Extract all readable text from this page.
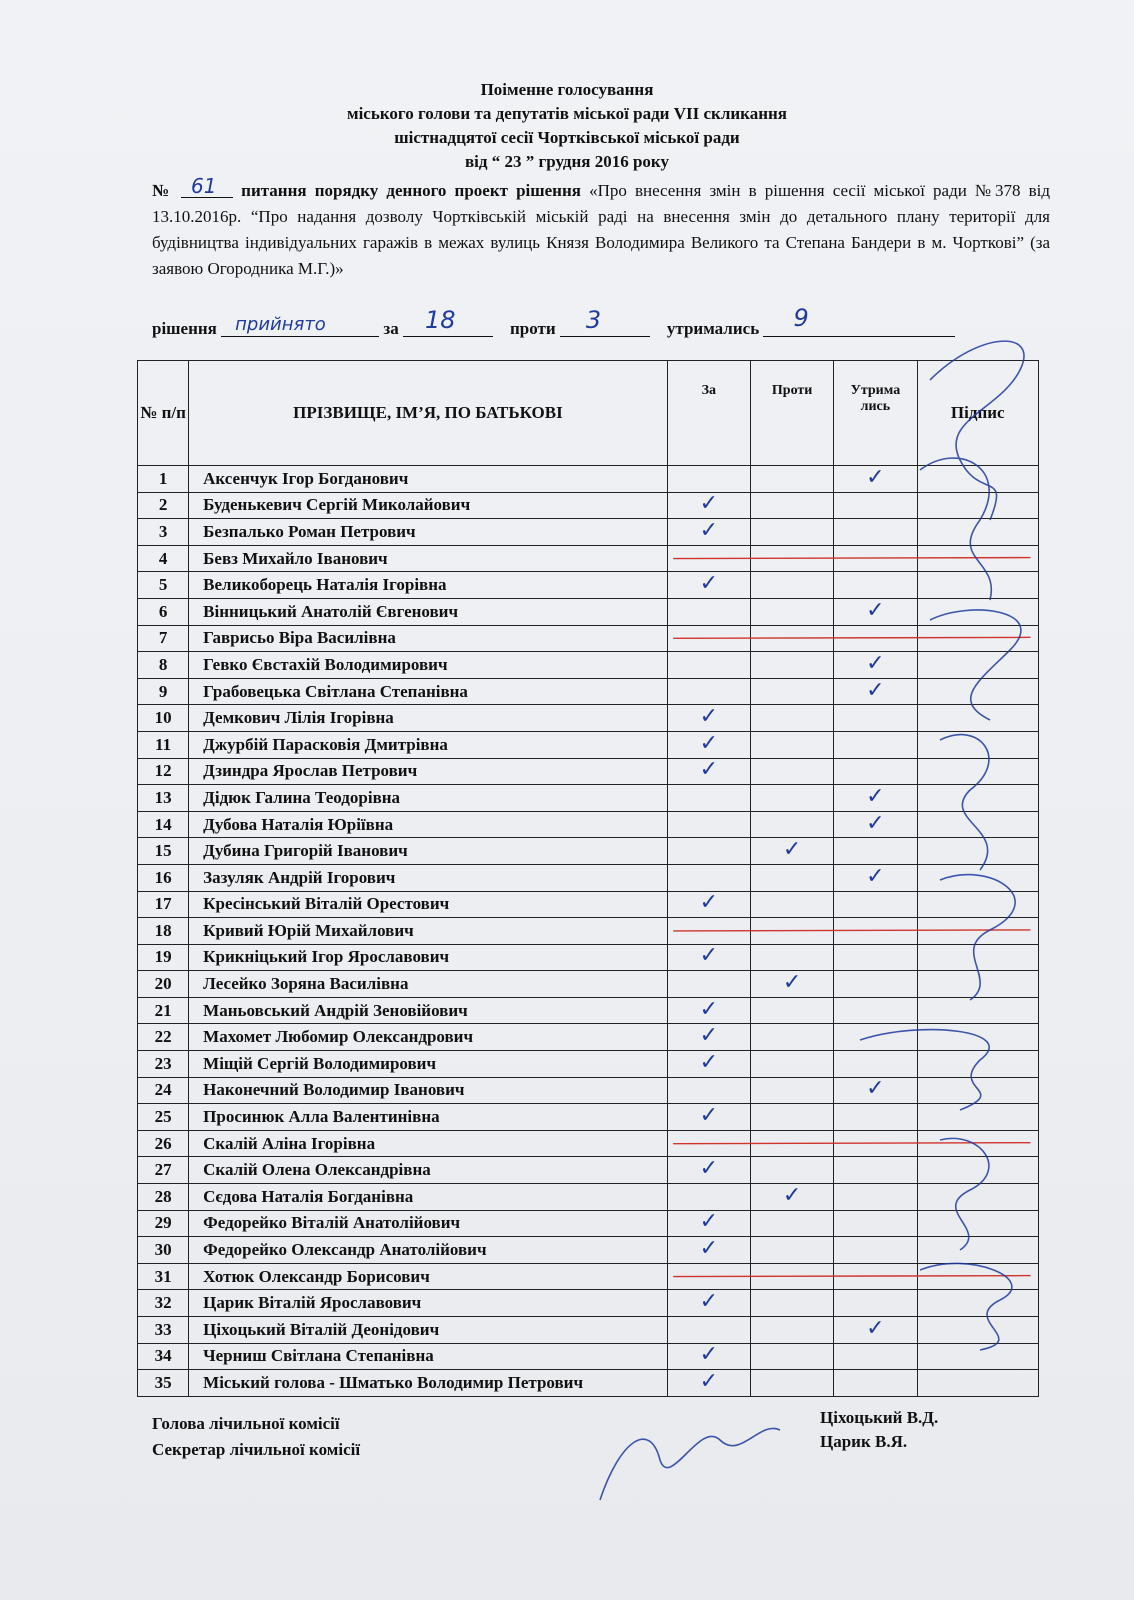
Поіменне голосування
міського голови та депутатів міської ради VII скликання
шістнадцятої сесії Чортківської міської ради
від “ 23 ” грудня 2016 року
№ 61 питання порядку денного проект рішення «Про внесення змін в рішення сесії міської ради №378 від 13.10.2016р. “Про надання дозволу Чортківській міській раді на внесення змін до детального плану території для будівництва індивідуальних гаражів в межах вулиць Князя Володимира Великого та Степана Бандери в м. Чорткові” (за заявою Огородника М.Г.)»
рішення прийнято	за 18	проти 3	утримались 9
№ п/п	ПРІЗВИЩЕ, ІМ’Я, ПО БАТЬКОВІ	За	Проти	Утрима лись	Підпис
1	Аксенчук Ігор Богданович			✓	
2	Буденькевич Сергій Миколайович	✓			
3	Безпалько Роман Петрович	✓			
4	Бевз Михайло Іванович				
5	Великоборець Наталія Ігорівна	✓			
6	Вінницький Анатолій Євгенович			✓	
7	Гаврисьо Віра Василівна				
8	Гевко Євстахій Володимирович			✓	
9	Грабовецька Світлана Степанівна			✓	
10	Демкович Лілія Ігорівна	✓			
11	Джурбій Парасковія Дмитрівна	✓			
12	Дзиндра Ярослав Петрович	✓			
13	Дідюк Галина Теодорівна			✓	
14	Дубова Наталія Юріївна			✓	
15	Дубина Григорій Іванович		✓		
16	Зазуляк Андрій Ігорович			✓	
17	Кресінський Віталій Орестович	✓			
18	Кривий Юрій Михайлович				
19	Крикніцький Ігор Ярославович	✓			
20	Лесейко Зоряна Василівна		✓		
21	Маньовський Андрій Зеновійович	✓			
22	Махомет Любомир Олександрович	✓			
23	Міщій Сергій Володимирович	✓			
24	Наконечний Володимир Іванович			✓	
25	Просинюк Алла Валентинівна	✓			
26	Скалій Аліна Ігорівна				
27	Скалій Олена Олександрівна	✓			
28	Сєдова Наталія Богданівна		✓		
29	Федорейко Віталій Анатолійович	✓			
30	Федорейко Олександр Анатолійович	✓			
31	Хотюк Олександр Борисович				
32	Царик Віталій Ярославович	✓			
33	Ціхоцький Віталій Деонідович			✓	
34	Черниш Світлана Степанівна	✓			
35	Міський голова - Шматько Володимир Петрович	✓			
Голова лічильної комісії
Секретар лічильної комісії
Ціхоцький В.Д.
Царик В.Я.
